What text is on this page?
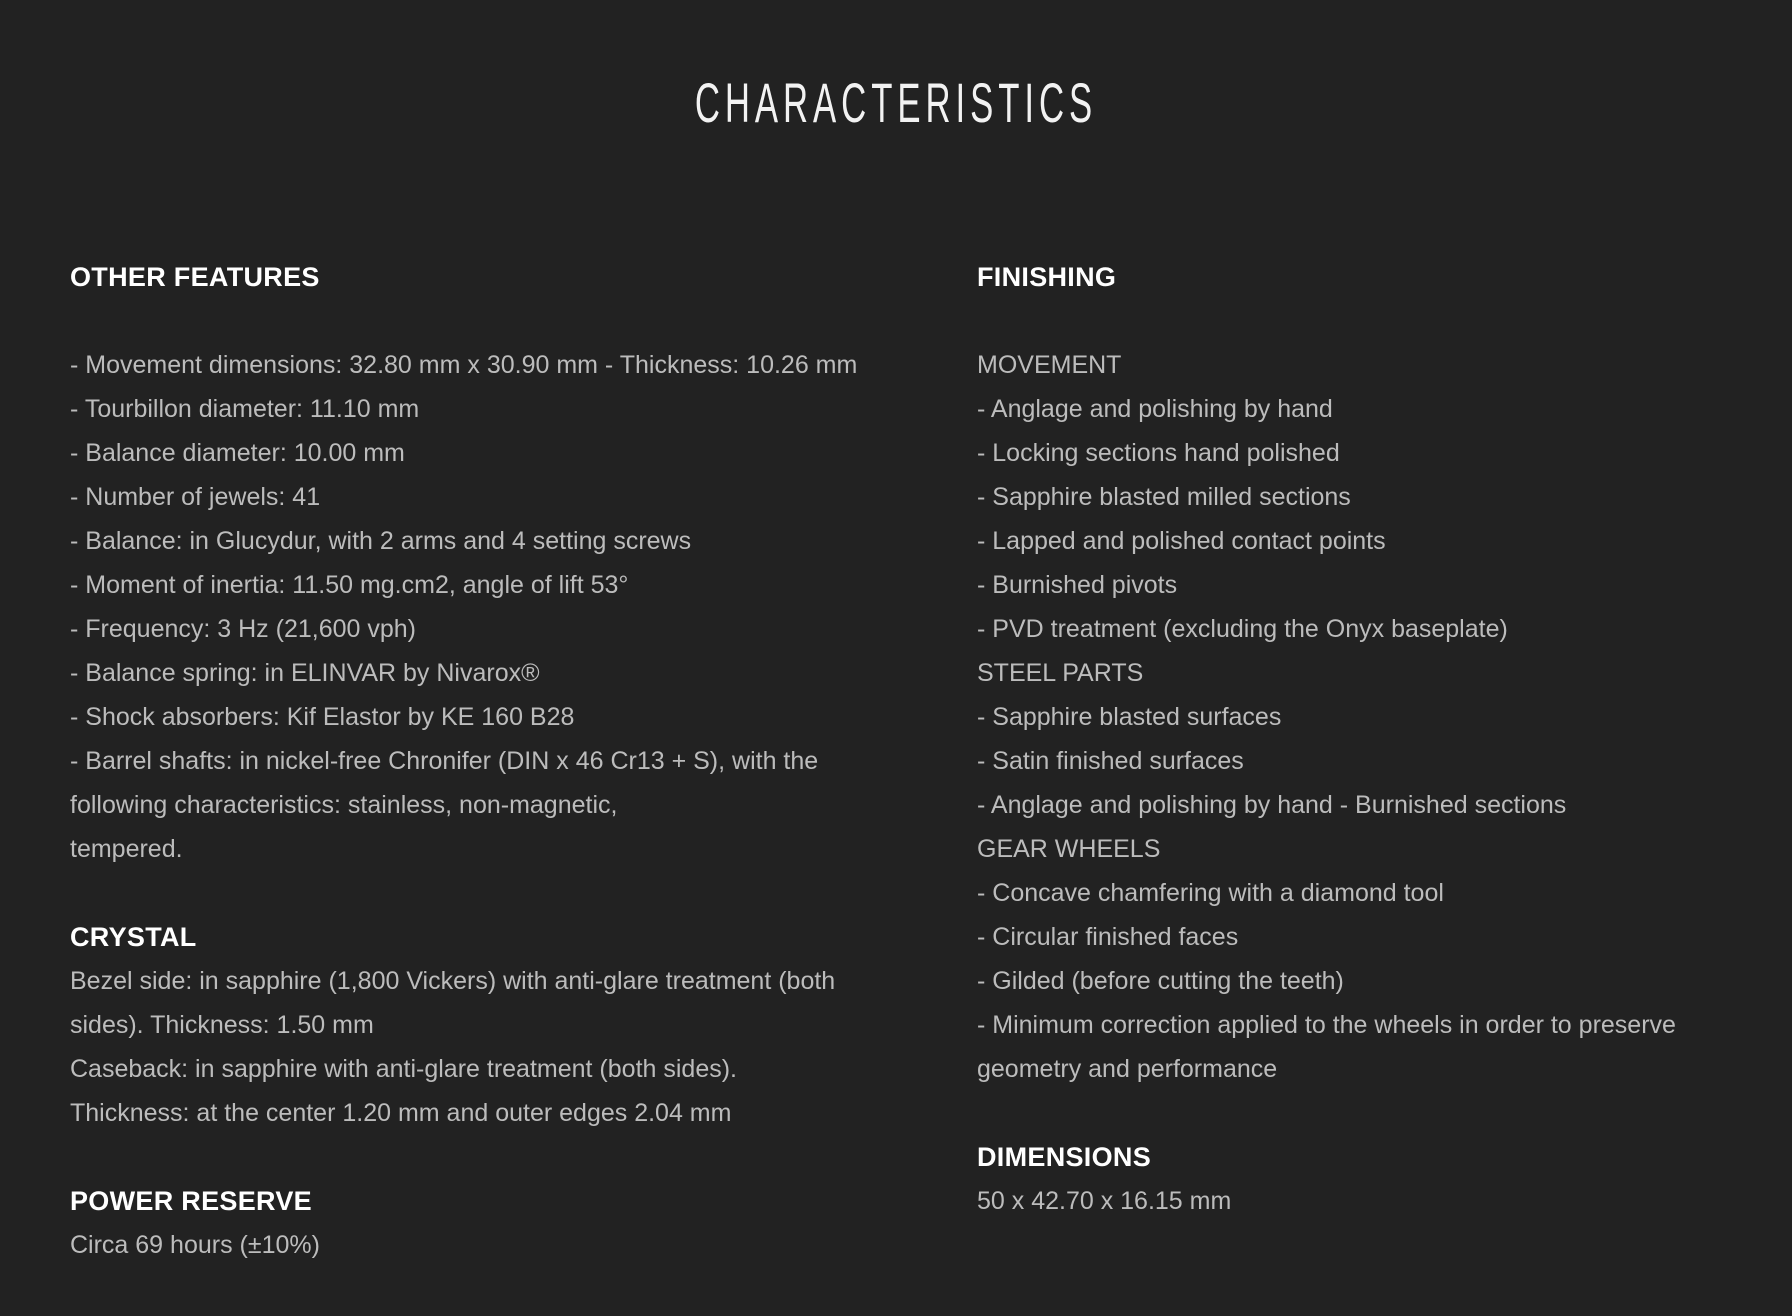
CHARACTERISTICS
OTHER FEATURES

- Movement dimensions: 32.80 mm x 30.90 mm - Thickness: 10.26 mm

- Tourbillon diameter: 11.10 mm

- Balance diameter: 10.00 mm

- Number of jewels: 41

- Balance: in Glucydur, with 2 arms and 4 setting screws

- Moment of inertia: 11.50 mg.cm2, angle of lift 53°

- Frequency: 3 Hz (21,600 vph)

- Balance spring: in ELINVAR by Nivarox®

- Shock absorbers: Kif Elastor by KE 160 B28

- Barrel shafts: in nickel-free Chronifer (DIN x 46 Cr13 + S), with the

following characteristics: stainless, non-magnetic,

tempered.

CRYSTAL

Bezel side: in sapphire (1,800 Vickers) with anti-glare treatment (both

sides). Thickness: 1.50 mm

Caseback: in sapphire with anti-glare treatment (both sides).

Thickness: at the center 1.20 mm and outer edges 2.04 mm

POWER RESERVE

Circa 69 hours (±10%)

FINISHING

MOVEMENT

- Anglage and polishing by hand

- Locking sections hand polished

- Sapphire blasted milled sections

- Lapped and polished contact points

- Burnished pivots

- PVD treatment (excluding the Onyx baseplate)

STEEL PARTS

- Sapphire blasted surfaces

- Satin finished surfaces

- Anglage and polishing by hand - Burnished sections

GEAR WHEELS

- Concave chamfering with a diamond tool

- Circular finished faces

- Gilded (before cutting the teeth)

- Minimum correction applied to the wheels in order to preserve

geometry and performance

DIMENSIONS

50 x 42.70 x 16.15 mm
